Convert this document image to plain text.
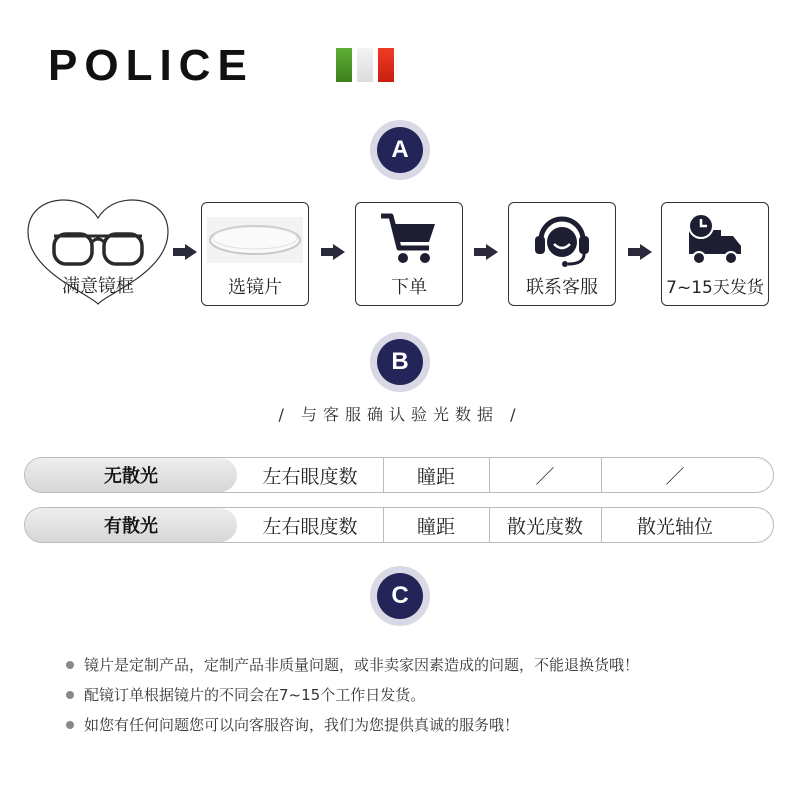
POLICE
A
满意镜框	选镜片	下单	联系客服	7~15天发货
B
/ 与客服确认验光数据 /
无散光	左右眼度数	瞳距	／	／
有散光	左右眼度数	瞳距	散光度数	散光轴位
C
镜片是定制产品，定制产品非质量问题，或非卖家因素造成的问题，不能退换货哦！
配镜订单根据镜片的不同会在7~15个工作日发货。
如您有任何问题您可以向客服咨询，我们为您提供真诚的服务哦！
